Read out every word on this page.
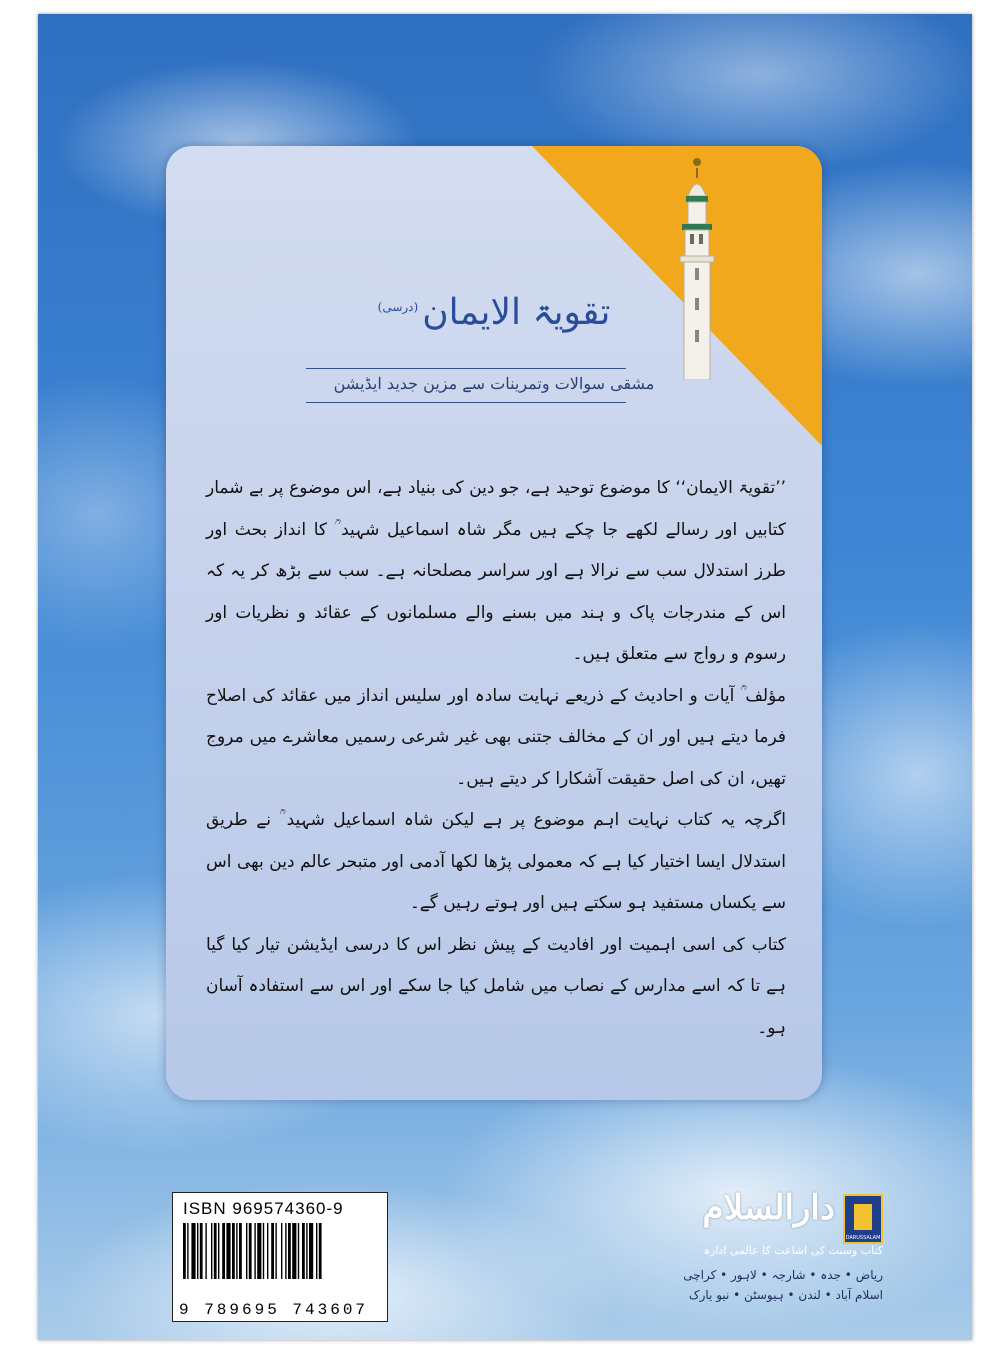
تقویۃ الایمان$^{(درسی)}$
مشقی سوالات وتمرینات سے مزین جدید ایڈیشن

’’تقویۃ الایمان‘‘ کا موضوع توحید ہے، جو دین کی بنیاد ہے، اس موضوع پر بے شمار کتابیں اور رسالے لکھے جا چکے ہیں مگر شاہ اسماعیل شہید ؒ کا انداز بحث اور طرز استدلال سب سے نرالا ہے اور سراسر مصلحانہ ہے۔ سب سے بڑھ کر یہ کہ اس کے مندرجات پاک و ہند میں بسنے والے مسلمانوں کے عقائد و نظریات اور رسوم و رواج سے متعلق ہیں۔

مؤلف ؒ آیات و احادیث کے ذریعے نہایت سادہ اور سلیس انداز میں عقائد کی اصلاح فرما دیتے ہیں اور ان کے مخالف جتنی بھی غیر شرعی رسمیں معاشرے میں مروج تھیں، ان کی اصل حقیقت آشکارا کر دیتے ہیں۔

اگرچہ یہ کتاب نہایت اہم موضوع پر ہے لیکن شاہ اسماعیل شہید ؒ نے طریق استدلال ایسا اختیار کیا ہے کہ معمولی پڑھا لکھا آدمی اور متبحر عالم دین بھی اس سے یکساں مستفید ہو سکتے ہیں اور ہوتے رہیں گے۔

کتاب کی اسی اہمیت اور افادیت کے پیش نظر اس کا درسی ایڈیشن تیار کیا گیا ہے تا کہ اسے مدارس کے نصاب میں شامل کیا جا سکے اور اس سے استفادہ آسان ہو۔

ISBN 969574360-9
9 789695 743607
DARUSSALAM
دارالسلام
کتاب وسنت کی اشاعت کا عالمی ادارہ
ریاض • جدہ • شارجہ • لاہور • کراچی
اسلام آباد • لندن • ہیوسٹن • نیو یارک
